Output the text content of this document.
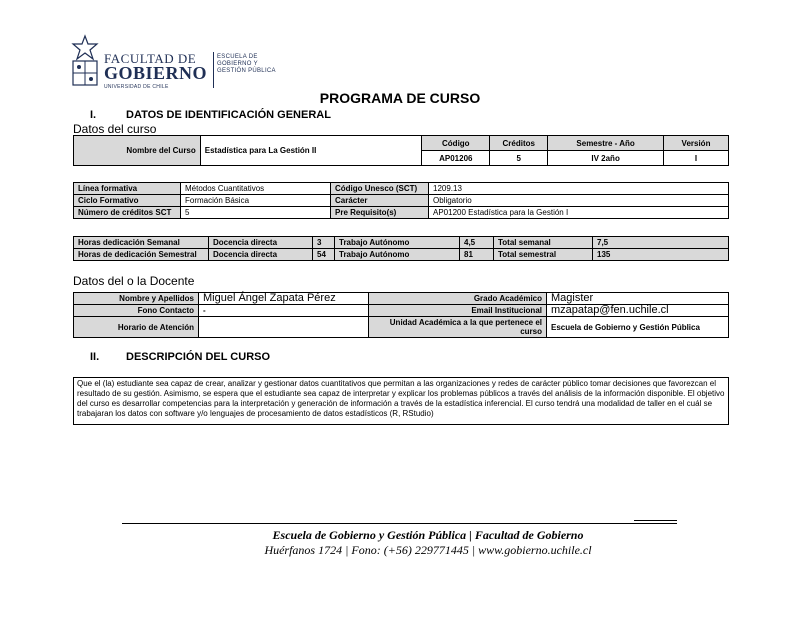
FACULTAD DE
GOBIERNO
UNIVERSIDAD DE CHILE
ESCUELA DE GOBIERNO Y GESTIÓN PÚBLICA
PROGRAMA DE CURSO
I.	DATOS DE IDENTIFICACIÓN GENERAL
Datos del curso
Nombre del Curso	Estadística para La Gestión II	Código	Créditos	Semestre - Año	Versión
		AP01206	5	IV 2año	I
Línea formativa	Métodos Cuantitativos	Código Unesco (SCT)	1209.13
Ciclo Formativo	Formación Básica	Carácter	Obligatorio
Número de créditos SCT	5	Pre Requisito(s)	AP01200 Estadística para la Gestión I
Horas dedicación Semanal	Docencia directa	3	Trabajo Autónomo	4,5	Total semanal	7,5
Horas de dedicación Semestral	Docencia directa	54	Trabajo Autónomo	81	Total semestral	135
Datos del o la Docente
Nombre y Apellidos	Miguel Ángel Zapata Pérez	Grado Académico	Magister
Fono Contacto	-	Email Institucional	mzapatap@fen.uchile.cl
Horario de Atención		Unidad Académica a la que pertenece el curso	Escuela de Gobierno y Gestión Pública
II. DESCRIPCIÓN DEL CURSO
Que el (la) estudiante sea capaz de crear, analizar y gestionar datos cuantitativos que permitan a las organizaciones y redes de carácter público tomar decisiones que favorezcan el resultado de su gestión. Asimismo, se espera que el estudiante sea capaz de interpretar y explicar los problemas públicos a través del análisis de la información disponible. El objetivo del curso es desarrollar competencias para la interpretación y generación de información a través de la estadística inferencial. El curso tendrá una modalidad de taller en el cuál se trabajaran los datos con software y/o lenguajes de procesamiento de datos estadísticos (R, RStudio)
Escuela de Gobierno y Gestión Pública | Facultad de Gobierno
Huérfanos 1724 | Fono: (+56) 229771445 | www.gobierno.uchile.cl
